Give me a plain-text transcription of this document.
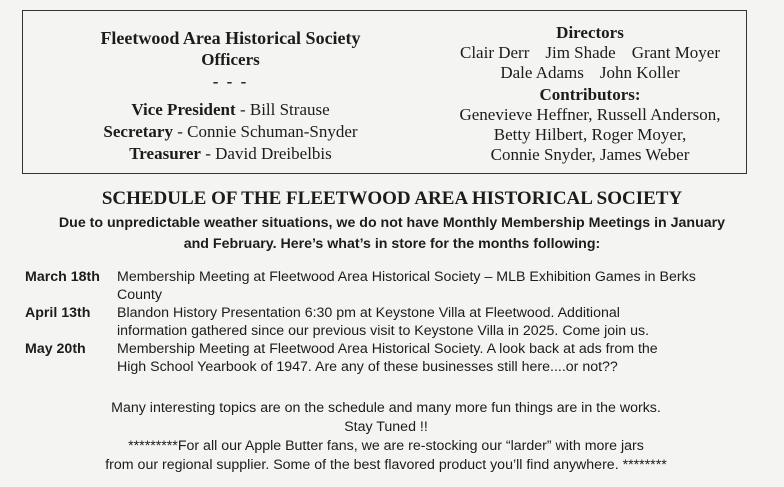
Fleetwood Area Historical Society
Officers
- - -
Vice President - Bill Strause
Secretary - Connie Schuman-Snyder
Treasurer - David Dreibelbis
Directors
Clair Derr Jim Shade Grant Moyer
Dale Adams John Koller
Contributors:
Genevieve Heffner, Russell Anderson,
Betty Hilbert, Roger Moyer,
Connie Snyder, James Weber
SCHEDULE OF THE FLEETWOOD AREA HISTORICAL SOCIETY
Due to unpredictable weather situations, we do not have Monthly Membership Meetings in January
and February. Here’s what’s in store for the months following:
March 18th	Membership Meeting at Fleetwood Area Historical Society – MLB Exhibition Games in Berks
County
April 13th	Blandon History Presentation 6:30 pm at Keystone Villa at Fleetwood. Additional
information gathered since our previous visit to Keystone Villa in 2025. Come join us.
May 20th	Membership Meeting at Fleetwood Area Historical Society. A look back at ads from the
High School Yearbook of 1947. Are any of these businesses still here....or not??
Many interesting topics are on the schedule and many more fun things are in the works.
Stay Tuned !!
*********For all our Apple Butter fans, we are re-stocking our “larder” with more jars
from our regional supplier. Some of the best flavored product you’ll find anywhere. ********
